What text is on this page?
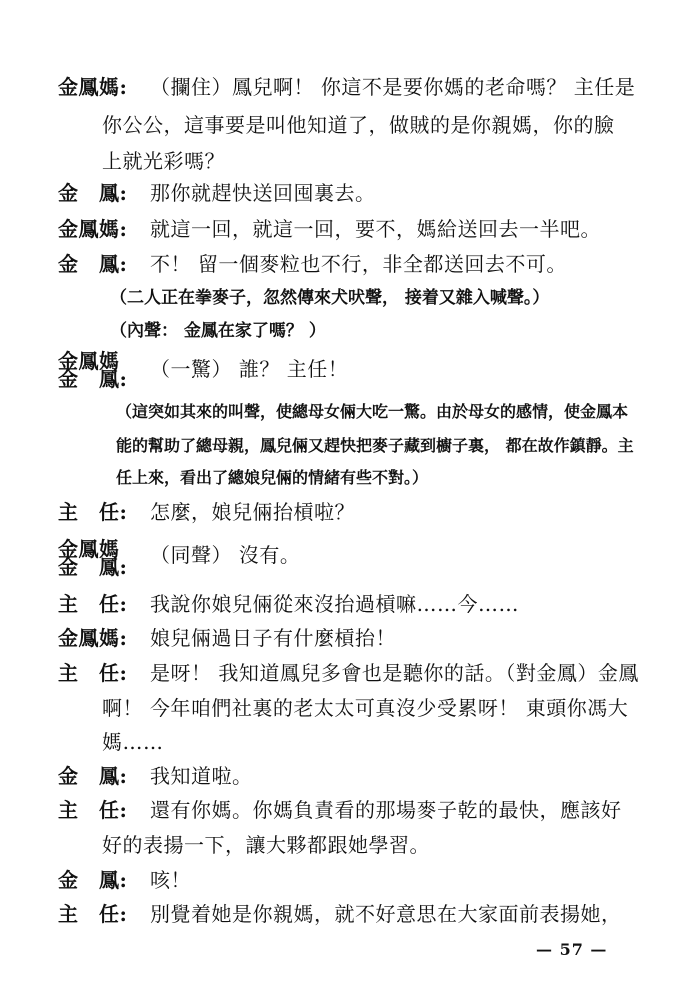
金鳳媽: （攔住）鳳兒啊！ 你這不是要你媽的老命嗎？ 主任是
你公公，這事要是叫他知道了，做賊的是你親媽，你的臉
上就光彩嗎？
金　鳳: 那你就趕快送回囤裏去。
金鳳媽: 就這一回，就這一回，要不，媽給送回去一半吧。
金　鳳: 不！ 留一個麥粒也不行，非全都送回去不可。
（二人正在拳麥子，忽然傳來犬吠聲， 接着又雜入喊聲。）
（內聲： 金鳳在家了嗎？ ）
金鳳媽
金　鳳: （一驚） 誰？ 主任！
（這突如其來的叫聲，使總母女倆大吃一驚。由於母女的感情，使金鳳本
能的幫助了總母親，鳳兒倆又趕快把麥子藏到櫥子裏， 都在故作鎮靜。主
任上來，看出了總娘兒倆的情緒有些不對。）
主　任: 怎麼，娘兒倆抬槓啦？
金鳳媽
金　鳳: （同聲） 沒有。
主　任: 我說你娘兒倆從來沒抬過槓嘛……今……
金鳳媽: 娘兒倆過日子有什麼槓抬！
主　任: 是呀！ 我知道鳳兒多會也是聽你的話。（對金鳳）金鳳
啊！ 今年咱們社裏的老太太可真沒少受累呀！ 東頭你馮大
媽……
金　鳳: 我知道啦。
主　任: 還有你媽。你媽負責看的那場麥子乾的最快，應該好
好的表揚一下，讓大夥都跟她學習。
金　鳳: 咳！
主　任: 別覺着她是你親媽，就不好意思在大家面前表揚她，
— 57 —
